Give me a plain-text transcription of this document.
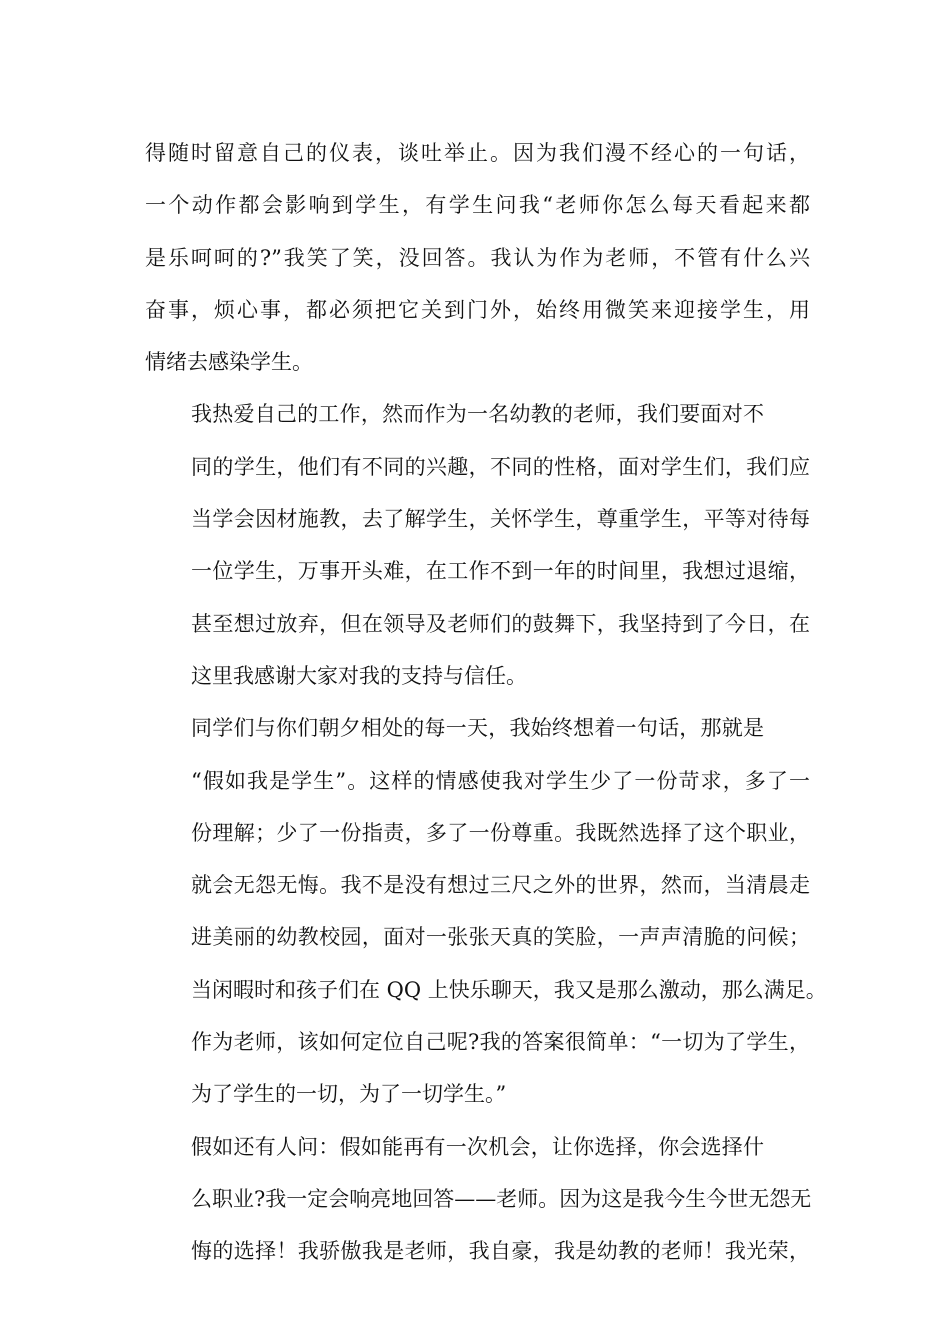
得随时留意自己的仪表，谈吐举止。因为我们漫不经心的一句话，
一个动作都会影响到学生，有学生问我“老师你怎么每天看起来都
是乐呵呵的?”我笑了笑，没回答。我认为作为老师，不管有什么兴
奋事，烦心事，都必须把它关到门外，始终用微笑来迎接学生，用
情绪去感染学生。

我热爱自己的工作，然而作为一名幼教的老师，我们要面对不
同的学生，他们有不同的兴趣，不同的性格，面对学生们，我们应
当学会因材施教，去了解学生，关怀学生，尊重学生，平等对待每
一位学生，万事开头难，在工作不到一年的时间里，我想过退缩，
甚至想过放弃，但在领导及老师们的鼓舞下，我坚持到了今日，在
这里我感谢大家对我的支持与信任。

同学们与你们朝夕相处的每一天，我始终想着一句话，那就是
“假如我是学生”。这样的情感使我对学生少了一份苛求，多了一
份理解；少了一份指责，多了一份尊重。我既然选择了这个职业，
就会无怨无悔。我不是没有想过三尺之外的世界，然而，当清晨走
进美丽的幼教校园，面对一张张天真的笑脸，一声声清脆的问候；
当闲暇时和孩子们在 QQ 上快乐聊天，我又是那么激动，那么满足。
作为老师，该如何定位自己呢?我的答案很简单：“一切为了学生，
为了学生的一切，为了一切学生。”

假如还有人问：假如能再有一次机会，让你选择，你会选择什
么职业?我一定会响亮地回答——老师。因为这是我今生今世无怨无
悔的选择！我骄傲我是老师，我自豪，我是幼教的老师！我光荣，
